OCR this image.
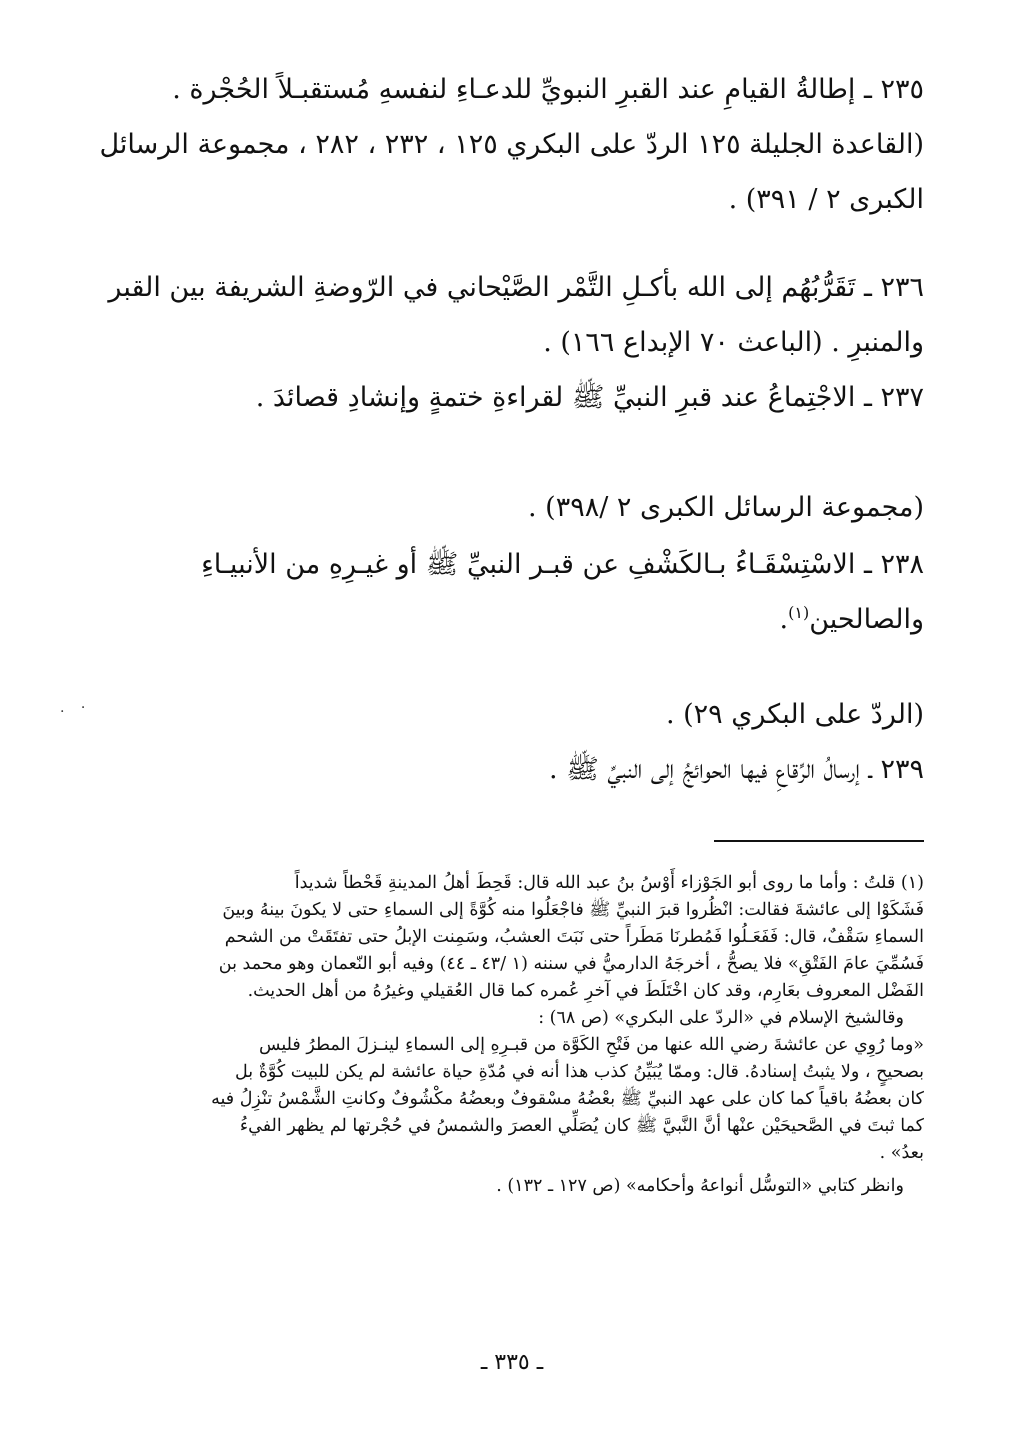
٢٣٥ ـ إطالةُ القيامِ عند القبرِ النبويِّ للدعـاءِ لنفسهِ مُستقبـلاً الحُجْرة .
(القاعدة الجليلة ١٢٥ الردّ على البكري ١٢٥ ، ٢٣٢ ، ٢٨٢ ، مجموعة الرسائل
الكبرى ٢ / ٣٩١) .
٢٣٦ ـ تَقَرُّبُهُم إلى الله بأكـلِ التَّمْر الصَّيْحاني في الرّوضةِ الشريفة بين القبر
والمنبرِ . (الباعث ٧٠ الإبداع ١٦٦) .
٢٣٧ ـ الاجْتِماعُ عند قبرِ النبيِّ ﷺ لقراءةِ ختمةٍ وإنشادِ قصائدَ .
(مجموعة الرسائل الكبرى ٢ /٣٩٨) .
٢٣٨ ـ الاسْتِسْقَـاءُ بـالكَشْفِ عن قبـر النبيِّ ﷺ أو غيـرِهِ من الأنبيـاءِ
والصالحين$^{(١)}$.
(الردّ على البكري ٢٩) .
٢٣٩ ـ إرسالُ الرِّقاعِ فيها الحوائجُ إلى النبيِّ ﷺ .
. ·
(١) قلتُ : وأما ما روى أبو الجَوْزاء أَوْسُ بنُ عبد الله قال: قَحِطَ أهلُ المدينةِ قَحْطاً شديداً
فَشَكَوْا إلى عائشةَ فقالت: انْظُروا قبرَ النبيِّ ﷺ فاجْعَلُوا منه كُوَّةً إلى السماءِ حتى لا يكونَ بينهُ وبينَ
السماءِ سَقْفٌ، قال: فَفَعَـلُوا فَمُطرنَا مَطَراً حتى نَبَتَ العشبُ، وسَمِنت الإبلُ حتى تفتَقَتْ من الشحم
فَسُمِّيَ عامَ الفَتْقِ» فلا يصحُّ ، أخرجَهُ الدارميُّ في سننه (١ /٤٣ ـ ٤٤) وفيه أبو النّعمان وهو محمد بن
الفَضْل المعروف بعَارِم، وقد كان اخْتَلَطَ في آخرِ عُمره كما قال العُقيلي وغيرُهُ من أهل الحديث.
وقالشيخ الإسلام في «الردّ على البكري» (ص ٦٨) :
«وما رُوِي عن عائشةَ رضي الله عنها من فَتْحِ الكَوَّة من قبـرِهِ إلى السماءِ لينـزلَ المطرُ فليس
بصحيحٍ ، ولا يثبتُ إسنادهُ. قال: وممّا يُبَيِّنُ كذب هذا أنه في مُدّةِ حياة عائشة لم يكن للبيت كُوَّةٌ بل
كان بعضُهُ باقياً كما كان على عهد النبيِّ ﷺ بعْضُهُ مسْقوفٌ وبعضُهُ مكْشُوفٌ وكانتِ الشَّمْسُ تنْزِلُ فيه
كما ثبتَ في الصَّحيحَيْن عنْها أنَّ النَّبيَّ ﷺ كان يُصَلِّي العصرَ والشمسُ في حُجْرتها لم يظهر الفيءُ
بعدُ» .
وانظر كتابي «التوسُّل أنواعهُ وأحكامه» (ص ١٢٧ ـ ١٣٢) .
ـ ٣٣٥ ـ
